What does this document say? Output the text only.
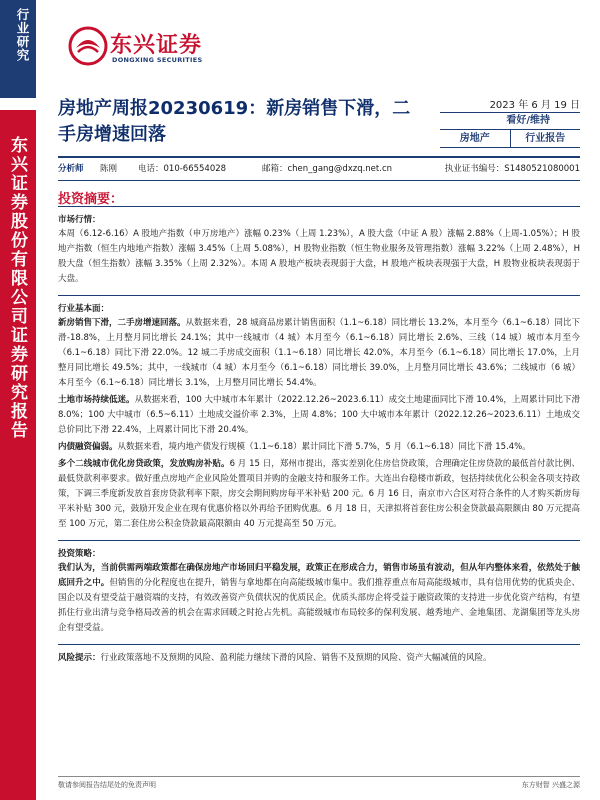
行业研究
东兴证券股份有限公司证券研究报告
东兴证券
DONGXING SECURITIES
房地产周报20230619：新房销售下滑，二手房增速回落
2023 年 6 月 19 日
看好/维持
房地产	行业报告
分析师	陈刚	电话：010-66554028	邮箱：chen_gang@dxzq.net.cn	执业证书编号：S1480521080001
投资摘要：
市场行情：
本周（6.12-6.16）A 股地产指数（申万房地产）涨幅 0.23%（上周 1.23%），A 股大盘（中证 A 股）涨幅 2.88%（上周-1.05%）；H 股地产指数（恒生内地地产指数）涨幅 3.45%（上周 5.08%），H 股物业指数（恒生物业服务及管理指数）涨幅 3.22%（上周 2.48%），H 股大盘（恒生指数）涨幅 3.35%（上周 2.32%）。本周 A 股地产板块表现弱于大盘，H 股地产板块表现强于大盘，H 股物业板块表现弱于大盘。
行业基本面：
新房销售下滑，二手房增速回落。从数据来看，28 城商品房累计销售面积（1.1~6.18）同比增长 13.2%，本月至今（6.1~6.18）同比下滑-18.8%，上月整月同比增长 24.1%；其中一线城市（4 城）本月至今（6.1~6.18）同比增长 2.6%、三线（14 城）城市本月至今（6.1~6.18）同比下滑 22.0%。12 城二手房成交面积（1.1~6.18）同比增长 42.0%，本月至今（6.1~6.18）同比增长 17.0%，上月整月同比增长 49.5%；其中，一线城市（4 城）本月至今（6.1~6.18）同比增长 39.0%，上月整月同比增长 43.6%；二线城市（6 城）本月至今（6.1~6.18）同比增长 3.1%，上月整月同比增长 54.4%。
土地市场持续低迷。从数据来看，100 大中城市本年累计（2022.12.26~2023.6.11）成交土地建面同比下滑 10.4%，上周累计同比下滑 8.0%；100 大中城市（6.5~6.11）土地成交溢价率 2.3%，上周 4.8%；100 大中城市本年累计（2022.12.26~2023.6.11）土地成交总价同比下滑 22.4%，上周累计同比下滑 20.4%。
内债融资偏弱。从数据来看，境内地产债发行规模（1.1~6.18）累计同比下滑 5.7%，5 月（6.1~6.18）同比下滑 15.4%。
多个二线城市优化房贷政策，发放购房补贴。6 月 15 日，郑州市提出，落实差别化住房信贷政策，合理确定住房贷款的最低首付款比例、最低贷款利率要求。做好重点房地产企业风险处置项目并购的金融支持和服务工作。大连出台稳楼市新政，包括持续优化公积金各项支持政策，下调三季度新发放首套房贷款利率下限，房交会期间购房每平米补贴 200 元。6 月 16 日，南京市六合区对符合条件的人才购买新房每平米补贴 300 元，鼓励开发企业在现有优惠价格以外再给予团购优惠。6 月 18 日，天津拟将首套住房公积金贷款最高限额由 80 万元提高至 100 万元，第二套住房公积金贷款最高限额由 40 万元提高至 50 万元。
投资策略：
我们认为，当前供需两端政策都在确保房地产市场回归平稳发展，政策正在形成合力，销售市场虽有波动，但从年内整体来看，依然处于触底回升之中。但销售的分化程度也在提升，销售与拿地都在向高能级城市集中。我们推荐重点布局高能级城市，具有信用优势的优质央企、国企以及有望受益于融资端的支持，有效改善资产负债状况的优质民企。优质头部房企将受益于融资政策的支持进一步优化资产结构，有望抓住行业出清与竞争格局改善的机会在需求回暖之时抢占先机。高能级城市布局较多的保利发展、越秀地产、金地集团、龙湖集团等龙头房企有望受益。
风险提示：行业政策落地不及预期的风险、盈利能力继续下滑的风险、销售不及预期的风险、资产大幅减值的风险。
敬请参阅报告结尾处的免责声明	东方财智 兴盛之源
